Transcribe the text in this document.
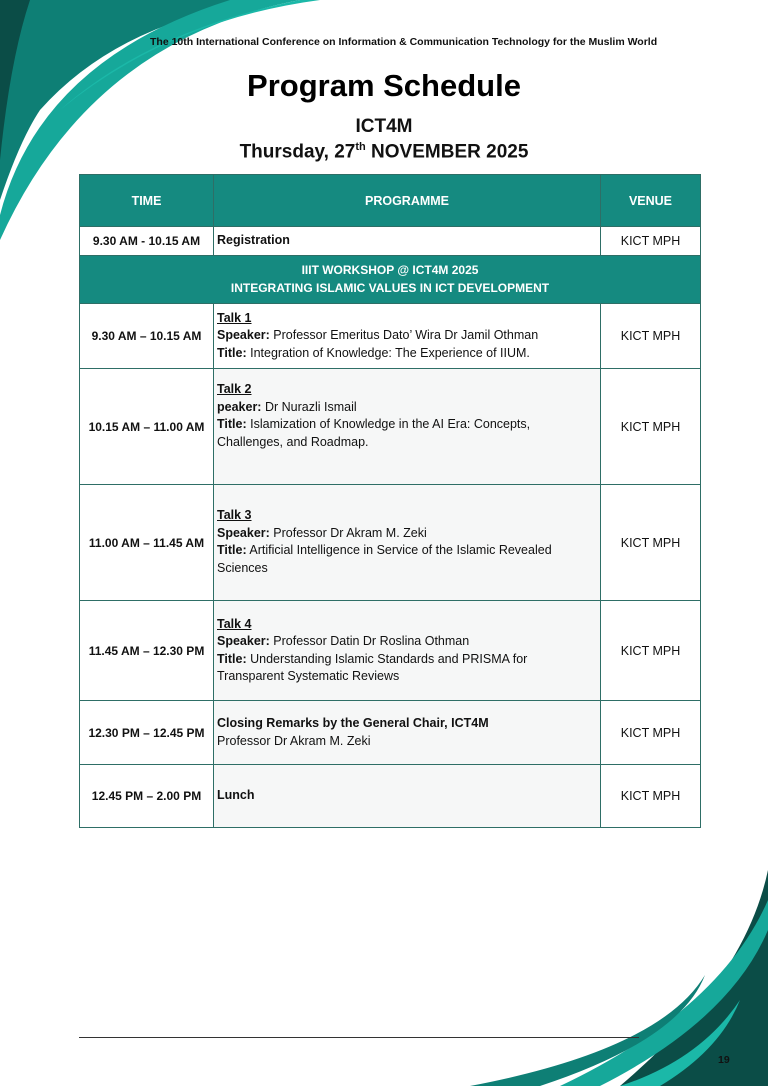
The 10th International Conference on Information & Communication Technology for the Muslim World
Program Schedule
ICT4M
Thursday, 27th NOVEMBER 2025
TIME	PROGRAMME	VENUE
9.30 AM - 10.15 AM	Registration	KICT MPH

IIIT WORKSHOP @ ICT4M 2025
INTEGRATING ISLAMIC VALUES IN ICT DEVELOPMENT		

9.30 AM – 10.15 AM	Talk 1
Speaker: Professor Emeritus Dato’ Wira Dr Jamil Othman
Title: Integration of Knowledge: The Experience of IIUM.	KICT MPH
10.15 AM – 11.00 AM	Talk 2
peaker: Dr Nurazli Ismail
Title: Islamization of Knowledge in the AI Era: Concepts, Challenges, and Roadmap.	KICT MPH
11.00 AM – 11.45 AM	Talk 3
Speaker: Professor Dr Akram M. Zeki
Title: Artificial Intelligence in Service of the Islamic Revealed Sciences	KICT MPH
11.45 AM – 12.30 PM	Talk 4
Speaker: Professor Datin Dr Roslina Othman
Title: Understanding Islamic Standards and PRISMA for Transparent Systematic Reviews	KICT MPH
12.30 PM – 12.45 PM	Closing Remarks by the General Chair, ICT4M
Professor Dr Akram M. Zeki	KICT MPH
12.45 PM – 2.00 PM	Lunch	KICT MPH
19
